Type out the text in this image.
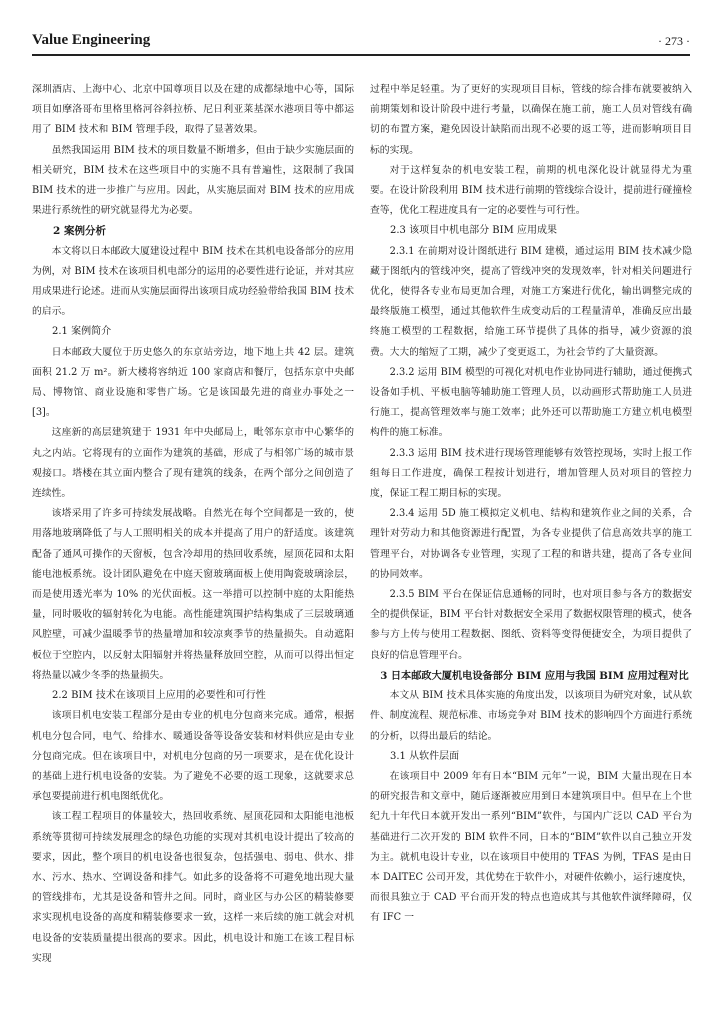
Value Engineering	· 273 ·

深圳酒店、上海中心、北京中国尊项目以及在建的成都绿地中心等，国际项目如摩洛哥布里格里格河谷斜拉桥、尼日利亚莱基深水港项目等中都运用了 BIM 技术和 BIM 管理手段，取得了显著效果。

虽然我国运用 BIM 技术的项目数量不断增多，但由于缺少实施层面的相关研究，BIM 技术在这些项目中的实施不具有普遍性，这限制了我国 BIM 技术的进一步推广与应用。因此，从实施层面对 BIM 技术的应用成果进行系统性的研究就显得尤为必要。

2 案例分析

本文将以日本邮政大厦建设过程中 BIM 技术在其机电设备部分的应用为例，对 BIM 技术在该项目机电部分的运用的必要性进行论证，并对其应用成果进行论述。进而从实施层面得出该项目成功经验带给我国 BIM 技术的启示。

2.1 案例简介

日本邮政大厦位于历史悠久的东京站旁边，地下地上共 42 层。建筑面积 21.2 万 m²。新大楼将容纳近 100 家商店和餐厅，包括东京中央邮局、博物馆、商业设施和零售广场。它是该国最先进的商业办事处之一[3]。

这座新的高层建筑建于 1931 年中央邮局上，毗邻东京市中心繁华的丸之内站。它将现有的立面作为建筑的基础，形成了与相邻广场的城市景观接口。塔楼在其立面内整合了现有建筑的线条，在两个部分之间创造了连续性。

该塔采用了许多可持续发展战略。自然光在每个空间都是一致的，使用落地玻璃降低了与人工照明相关的成本并提高了用户的舒适度。该建筑配备了通风可操作的天窗板，包含冷却用的热回收系统，屋顶花园和太阳能电池板系统。设计团队避免在中庭天窗玻璃面板上使用陶瓷玻璃涂层，而是使用透光率为 10% 的光伏面板。这一举措可以控制中庭的太阳能热量，同时吸收的辐射转化为电能。高性能建筑围护结构集成了三层玻璃通风腔壁，可减少温暖季节的热量增加和较凉爽季节的热量损失。自动遮阳板位于空腔内，以反射太阳辐射并将热量释放回空腔，从而可以得出恒定将热量以减少冬季的热量损失。

2.2 BIM 技术在该项目上应用的必要性和可行性

该项目机电安装工程部分是由专业的机电分包商来完成。通常，根据机电分包合同，电气、给排水、暖通设备等设备安装和材料供应是由专业分包商完成。但在该项目中，对机电分包商的另一项要求，是在优化设计的基础上进行机电设备的安装。为了避免不必要的返工现象，这就要求总承包要提前进行机电图纸优化。

该工程工程项目的体量较大，热回收系统、屋顶花园和太阳能电池板系统等贯彻可持续发展理念的绿色功能的实现对其机电设计提出了较高的要求，因此，整个项目的机电设备也很复杂，包括强电、弱电、供水、排水、污水、热水、空调设备和排气。如此多的设备将不可避免地出现大量的管线排布，尤其是设备和管井之间。同时，商业区与办公区的精装修要求实现机电设备的高度和精装修要求一致，这样一来后续的施工就会对机电设备的安装质量提出很高的要求。因此，机电设计和施工在该工程目标实现

过程中举足轻重。为了更好的实现项目目标，管线的综合排布就要被纳入前期策划和设计阶段中进行考量，以确保在施工前，施工人员对管线有确切的布置方案，避免因设计缺陷而出现不必要的返工等，进而影响项目目标的实现。

对于这样复杂的机电安装工程，前期的机电深化设计就显得尤为重要。在设计阶段利用 BIM 技术进行前期的管线综合设计，提前进行碰撞检查等，优化工程进度具有一定的必要性与可行性。

2.3 该项目中机电部分 BIM 应用成果

2.3.1 在前期对设计图纸进行 BIM 建模，通过运用 BIM 技术减少隐藏于图纸内的管线冲突，提高了管线冲突的发现效率，针对相关问题进行优化，使得各专业布局更加合理，对施工方案进行优化，输出调整完成的最终版施工模型，通过其他软件生成变动后的工程量清单，准确反应出最终施工模型的工程数据，给施工环节提供了具体的指导，减少资源的浪费。大大的缩短了工期，减少了变更返工，为社会节约了大量资源。

2.3.2 运用 BIM 模型的可视化对机电作业协同进行辅助，通过便携式设备如手机、平板电脑等辅助施工管理人员，以动画形式帮助施工人员进行施工，提高管理效率与施工效率；此外还可以帮助施工方建立机电模型构件的施工标准。

2.3.3 运用 BIM 技术进行现场管理能够有效管控现场，实时上报工作组每日工作进度，确保工程按计划进行，增加管理人员对项目的管控力度，保证工程工期目标的实现。

2.3.4 运用 5D 施工模拟定义机电、结构和建筑作业之间的关系，合理针对劳动力和其他资源进行配置，为各专业提供了信息高效共享的施工管理平台，对协调各专业管理，实现了工程的和谐共建，提高了各专业间的协同效率。

2.3.5 BIM 平台在保证信息通畅的同时，也对项目参与各方的数据安全的提供保证，BIM 平台针对数据安全采用了数据权限管理的模式，使各参与方上传与使用工程数据、图纸、资料等变得便捷安全，为项目提供了良好的信息管理平台。

3 日本邮政大厦机电设备部分 BIM 应用与我国 BIM 应用过程对比

本文从 BIM 技术具体实施的角度出发，以该项目为研究对象，试从软件、制度流程、规范标准、市场竞争对 BIM 技术的影响四个方面进行系统的分析，以得出最后的结论。

3.1 从软件层面

在该项目中 2009 年有日本“BIM 元年”一说，BIM 大量出现在日本的研究报告和文章中，随后逐渐被应用到日本建筑项目中。但早在上个世纪九十年代日本就开发出一系列“BIM”软件，与国内广泛以 CAD 平台为基础进行二次开发的 BIM 软件不同，日本的“BIM”软件以自己独立开发为主。就机电设计专业，以在该项目中使用的 TFAS 为例，TFAS 是由日本 DAITEC 公司开发，其优势在于软件小，对硬件依赖小，运行速度快，而很具独立于 CAD 平台而开发的特点也造成其与其他软件演绎障碍，仅有 IFC 一
